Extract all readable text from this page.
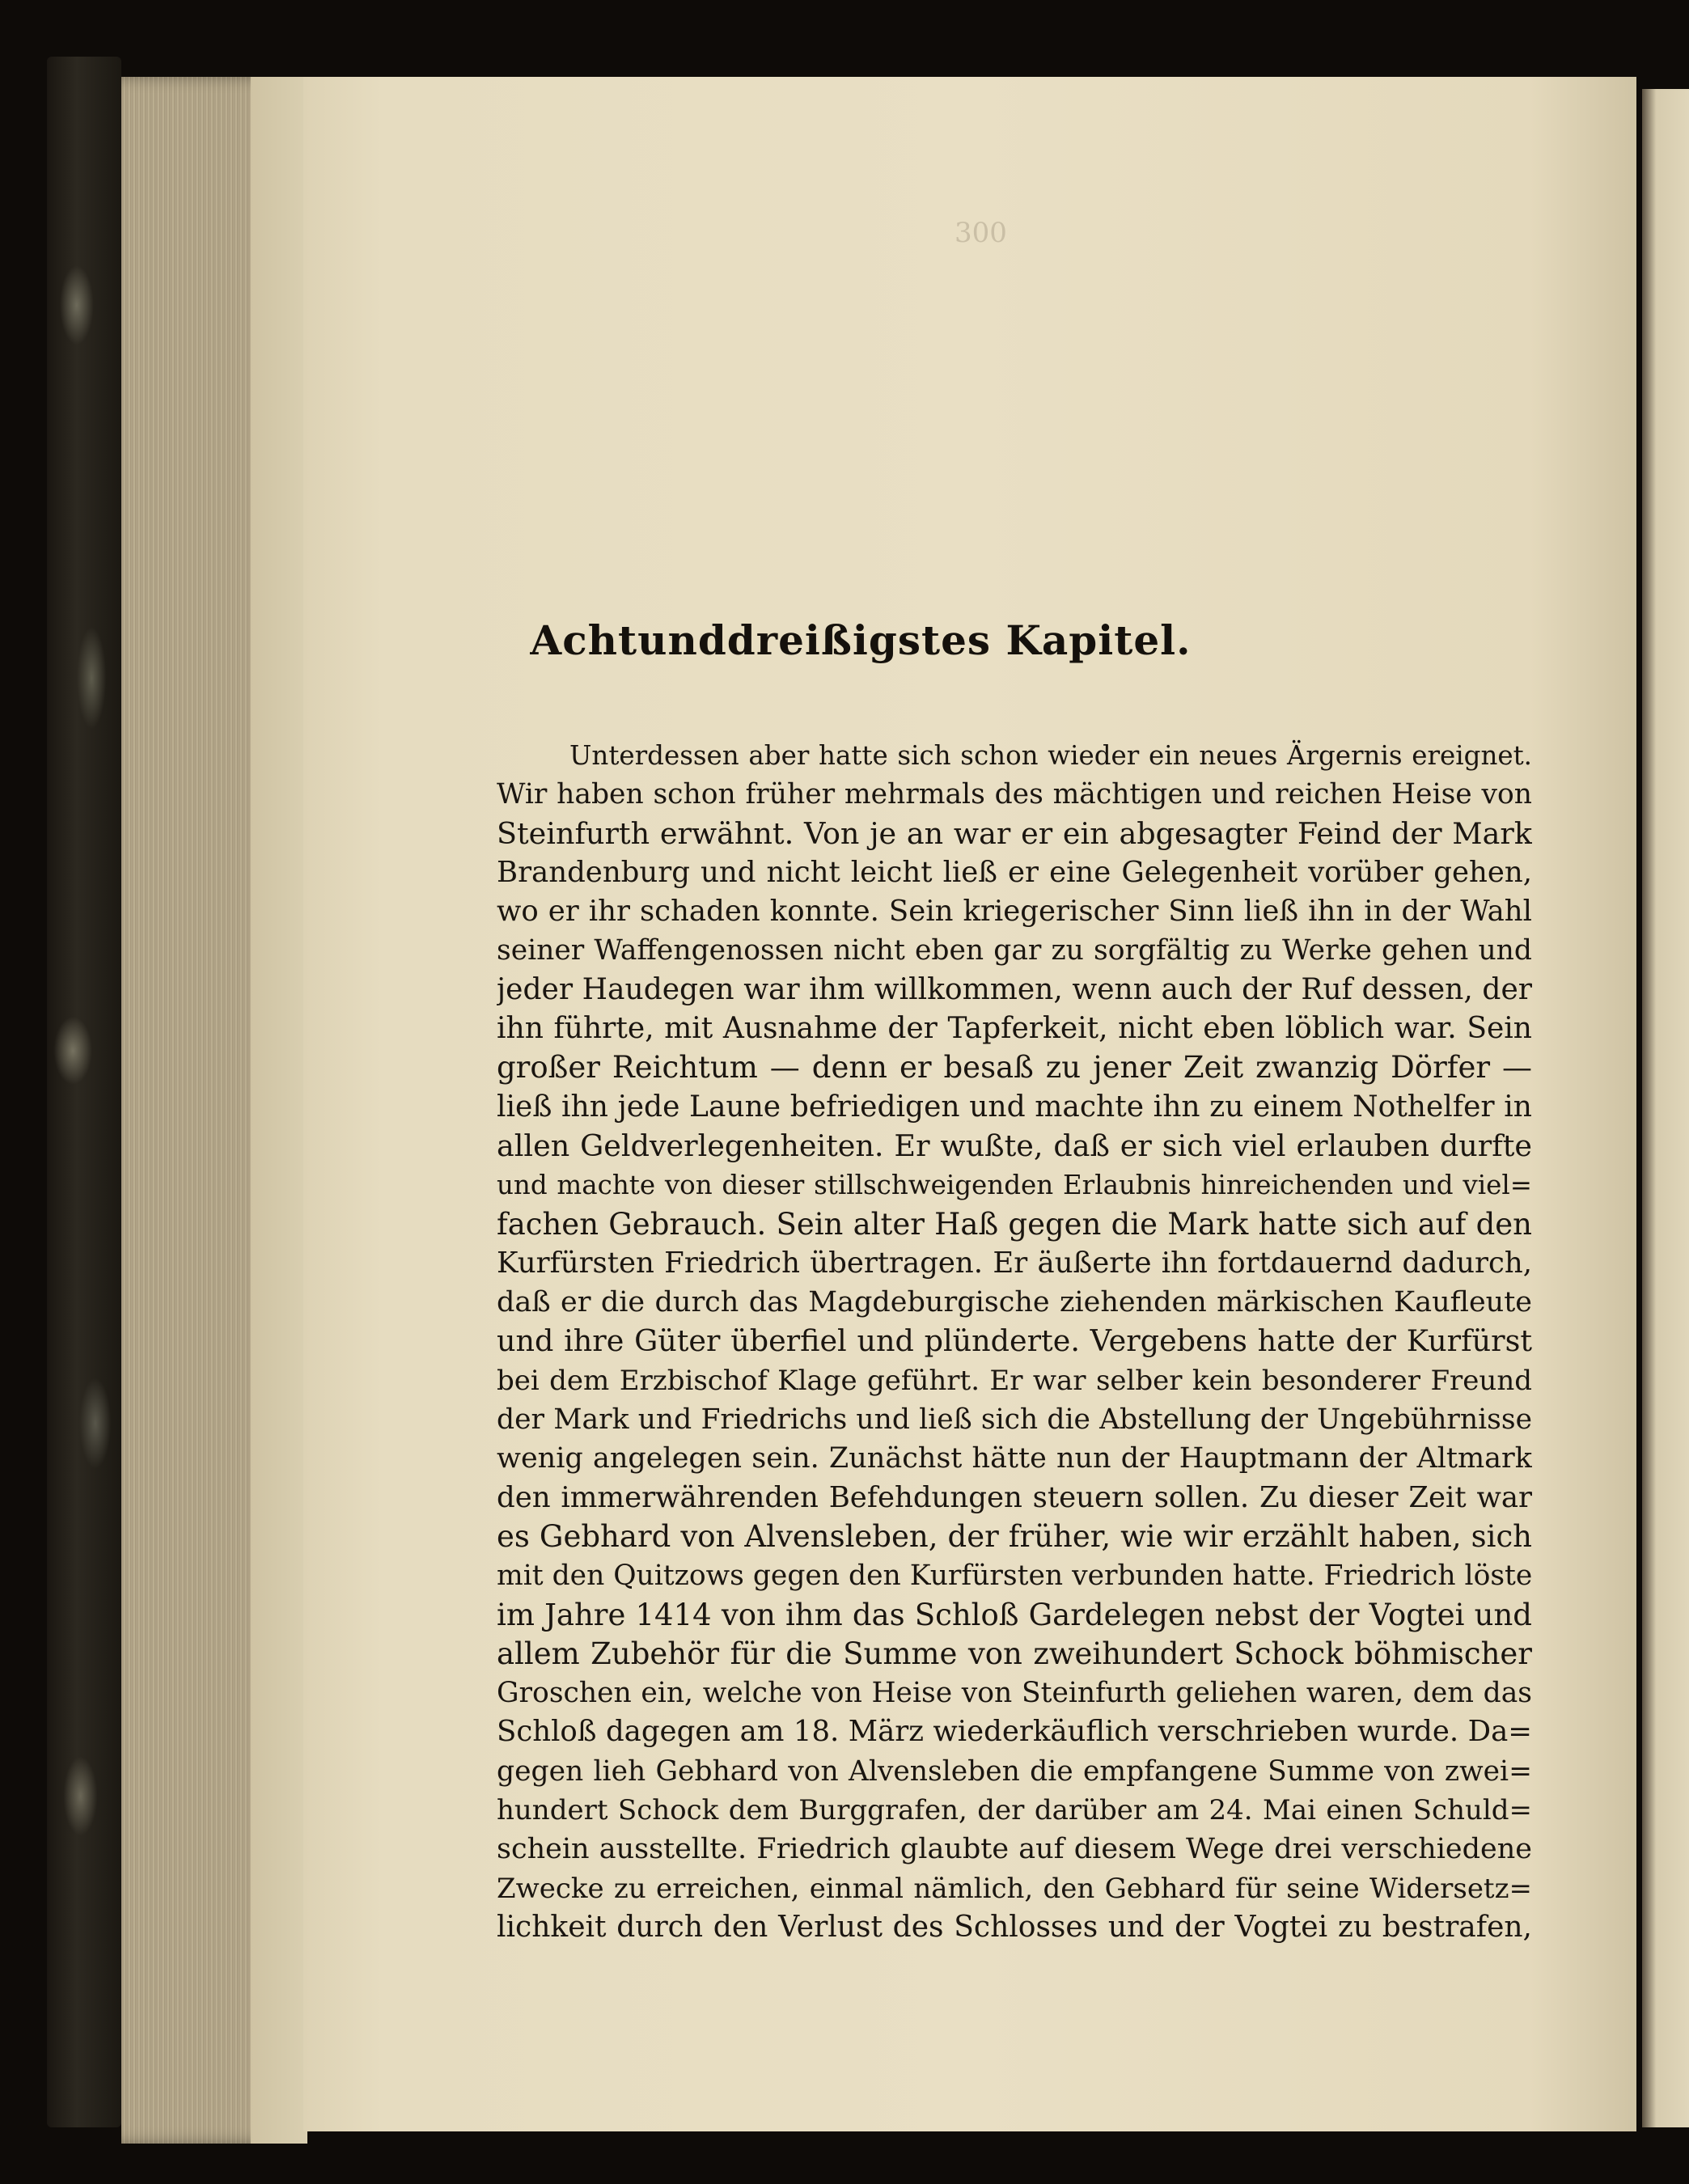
300
Achtunddreißigstes Kapitel.
Unterdessen aber hatte sich schon wieder ein neues Ärgernis ereignet.
Wir haben schon früher mehrmals des mächtigen und reichen Heise von
Steinfurth erwähnt. Von je an war er ein abgesagter Feind der Mark
Brandenburg und nicht leicht ließ er eine Gelegenheit vorüber gehen,
wo er ihr schaden konnte. Sein kriegerischer Sinn ließ ihn in der Wahl
seiner Waffengenossen nicht eben gar zu sorgfältig zu Werke gehen und
jeder Haudegen war ihm willkommen, wenn auch der Ruf dessen, der
ihn führte, mit Ausnahme der Tapferkeit, nicht eben löblich war. Sein
großer Reichtum — denn er besaß zu jener Zeit zwanzig Dörfer —
ließ ihn jede Laune befriedigen und machte ihn zu einem Nothelfer in
allen Geldverlegenheiten. Er wußte, daß er sich viel erlauben durfte
und machte von dieser stillschweigenden Erlaubnis hinreichenden und viel=
fachen Gebrauch. Sein alter Haß gegen die Mark hatte sich auf den
Kurfürsten Friedrich übertragen. Er äußerte ihn fortdauernd dadurch,
daß er die durch das Magdeburgische ziehenden märkischen Kaufleute
und ihre Güter überfiel und plünderte. Vergebens hatte der Kurfürst
bei dem Erzbischof Klage geführt. Er war selber kein besonderer Freund
der Mark und Friedrichs und ließ sich die Abstellung der Ungebührnisse
wenig angelegen sein. Zunächst hätte nun der Hauptmann der Altmark
den immerwährenden Befehdungen steuern sollen. Zu dieser Zeit war
es Gebhard von Alvensleben, der früher, wie wir erzählt haben, sich
mit den Quitzows gegen den Kurfürsten verbunden hatte. Friedrich löste
im Jahre 1414 von ihm das Schloß Gardelegen nebst der Vogtei und
allem Zubehör für die Summe von zweihundert Schock böhmischer
Groschen ein, welche von Heise von Steinfurth geliehen waren, dem das
Schloß dagegen am 18. März wiederkäuflich verschrieben wurde. Da=
gegen lieh Gebhard von Alvensleben die empfangene Summe von zwei=
hundert Schock dem Burggrafen, der darüber am 24. Mai einen Schuld=
schein ausstellte. Friedrich glaubte auf diesem Wege drei verschiedene
Zwecke zu erreichen, einmal nämlich, den Gebhard für seine Widersetz=
lichkeit durch den Verlust des Schlosses und der Vogtei zu bestrafen,
